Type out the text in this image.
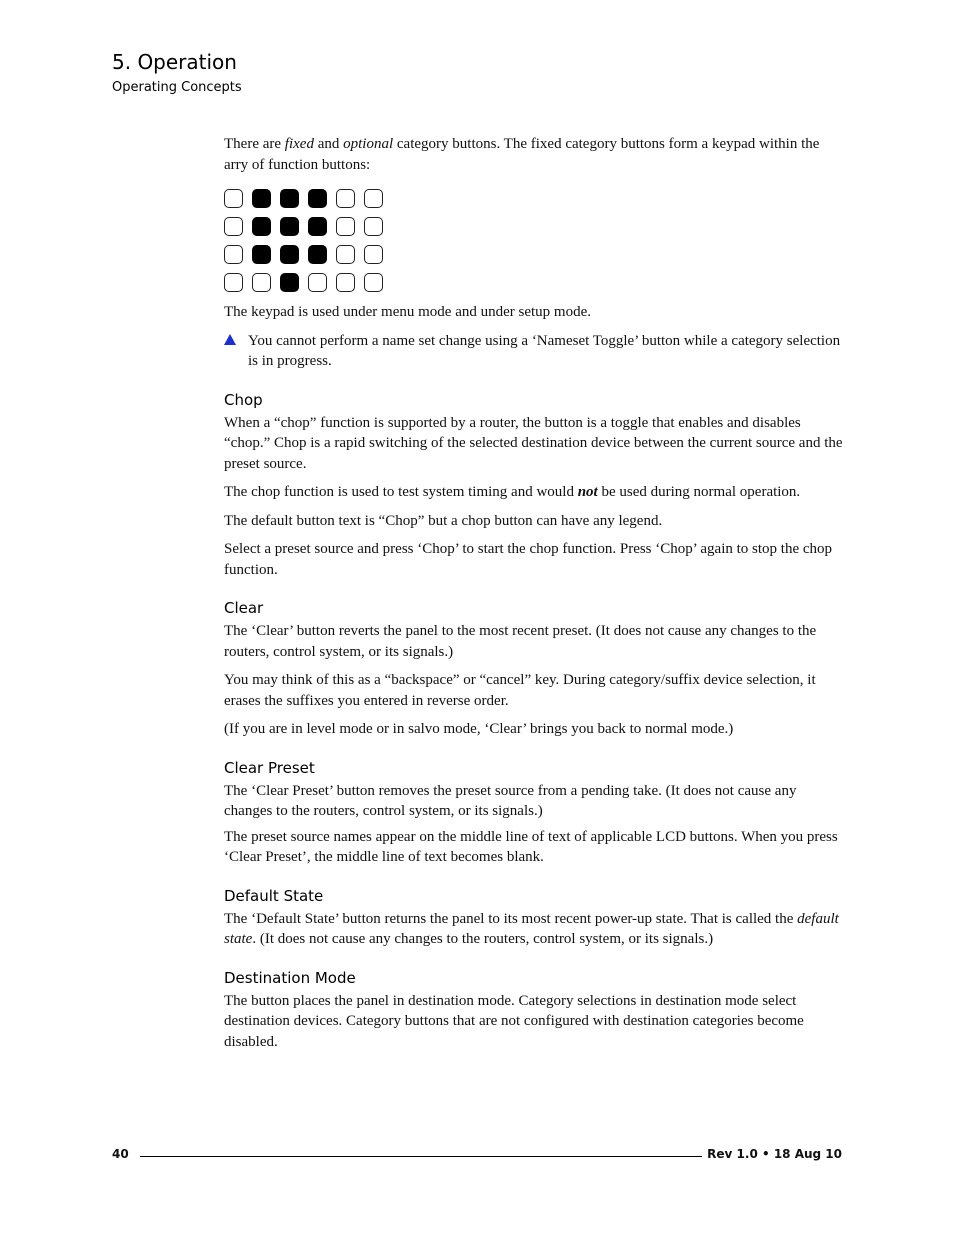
5. Operation
Operating Concepts

There are fixed and optional category buttons. The fixed category buttons form a keypad within the arry of function buttons:

The keypad is used under menu mode and under setup mode.

You cannot perform a name set change using a ‘Nameset Toggle’ button while a category selection is in progress.

Chop

When a “chop” function is supported by a router, the button is a toggle that enables and disables “chop.” Chop is a rapid switching of the selected destination device between the current source and the preset source.

The chop function is used to test system timing and would not be used during normal operation.

The default button text is “Chop” but a chop button can have any legend.

Select a preset source and press ‘Chop’ to start the chop function. Press ‘Chop’ again to stop the chop function.

Clear

The ‘Clear’ button reverts the panel to the most recent preset. (It does not cause any changes to the routers, control system, or its signals.)

You may think of this as a “backspace” or “cancel” key. During category/suffix device selection, it erases the suffixes you entered in reverse order.

(If you are in level mode or in salvo mode, ‘Clear’ brings you back to normal mode.)

Clear Preset

The ‘Clear Preset’ button removes the preset source from a pending take. (It does not cause any changes to the routers, control system, or its signals.)

The preset source names appear on the middle line of text of applicable LCD buttons. When you press ‘Clear Preset’, the middle line of text becomes blank.

Default State

The ‘Default State’ button returns the panel to its most recent power-up state. That is called the default state. (It does not cause any changes to the routers, control system, or its signals.)

Destination Mode

The button places the panel in destination mode. Category selections in destination mode select destination devices. Category buttons that are not configured with destination categories become disabled.

40	Rev 1.0 • 18 Aug 10
